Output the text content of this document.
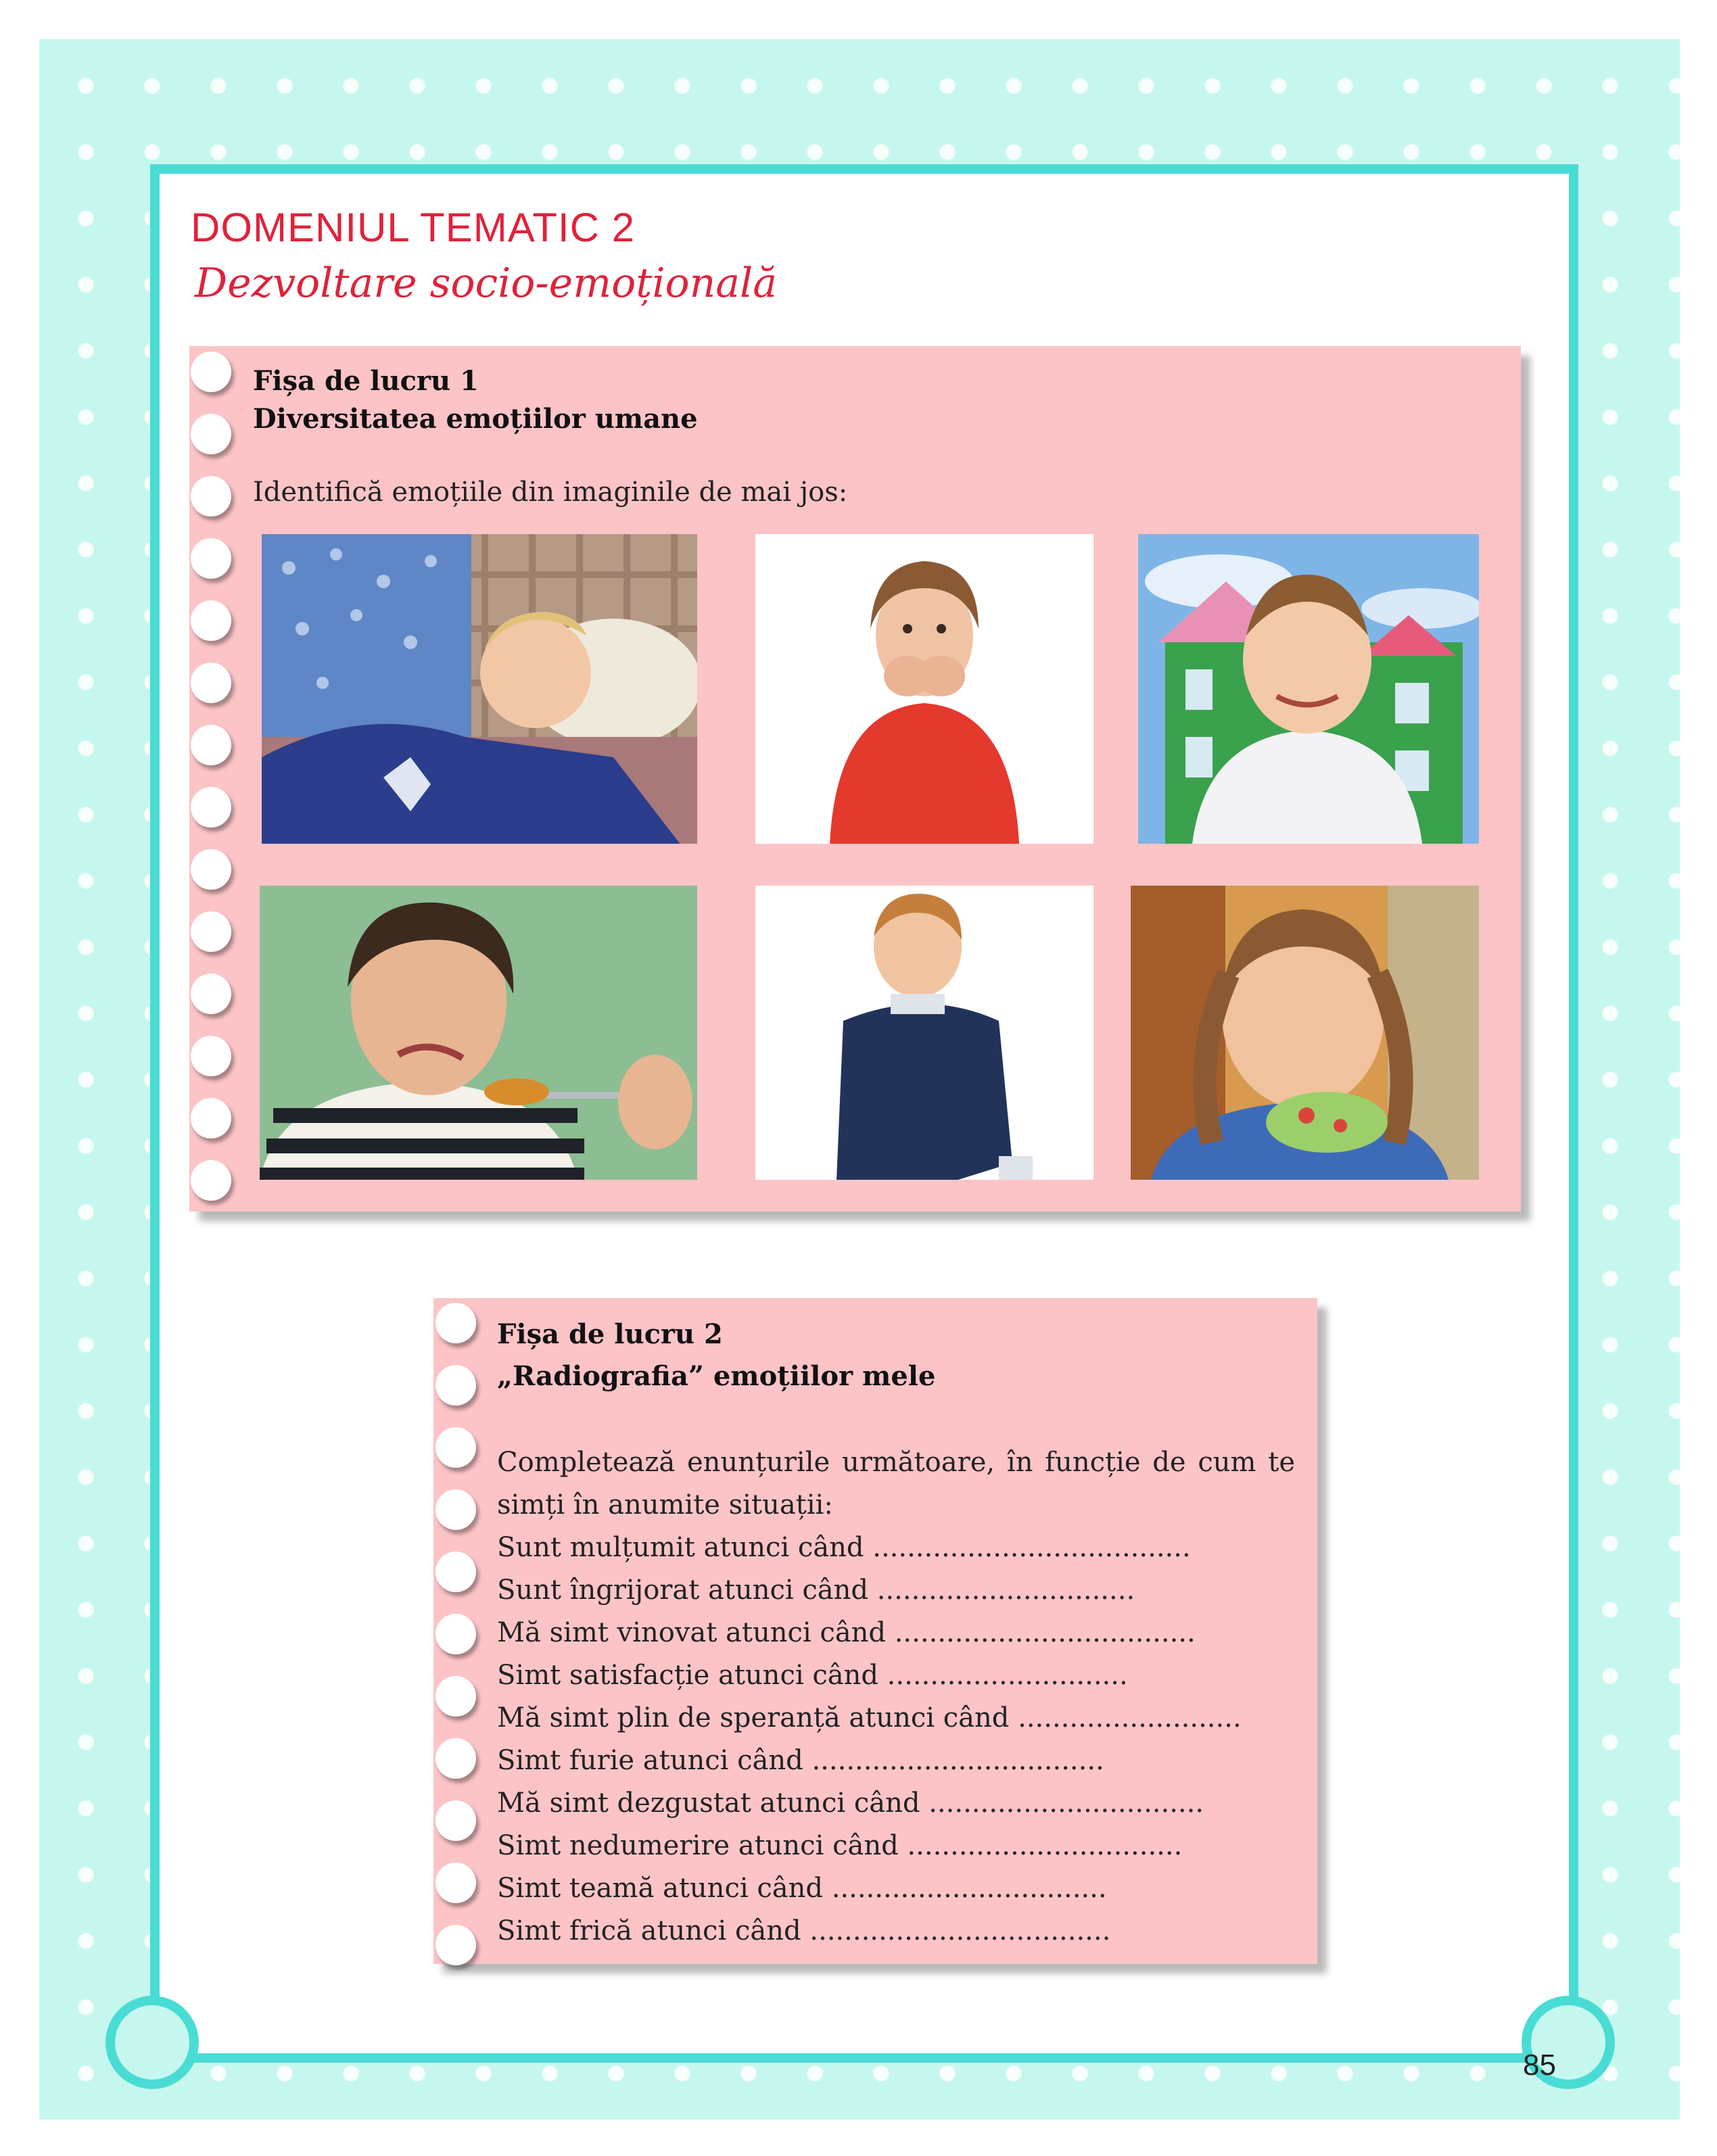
DOMENIUL TEMATIC 2
Dezvoltare socio-emoțională
Fișa de lucru 1
Diversitatea emoțiilor umane
Identifică emoțiile din imaginile de mai jos:
Fișa de lucru 2
„Radiografia” emoțiilor mele
Completează enunțurile următoare, în funcție de cum te
simți în anumite situații:
Sunt mulțumit atunci când .....................................
Sunt îngrijorat atunci când ..............................
Mă simt vinovat atunci când ...................................
Simt satisfacție atunci când ............................
Mă simt plin de speranță atunci când ..........................
Simt furie atunci când ..................................
Mă simt dezgustat atunci când ................................
Simt nedumerire atunci când ................................
Simt teamă atunci când ................................
Simt frică atunci când ...................................
85
